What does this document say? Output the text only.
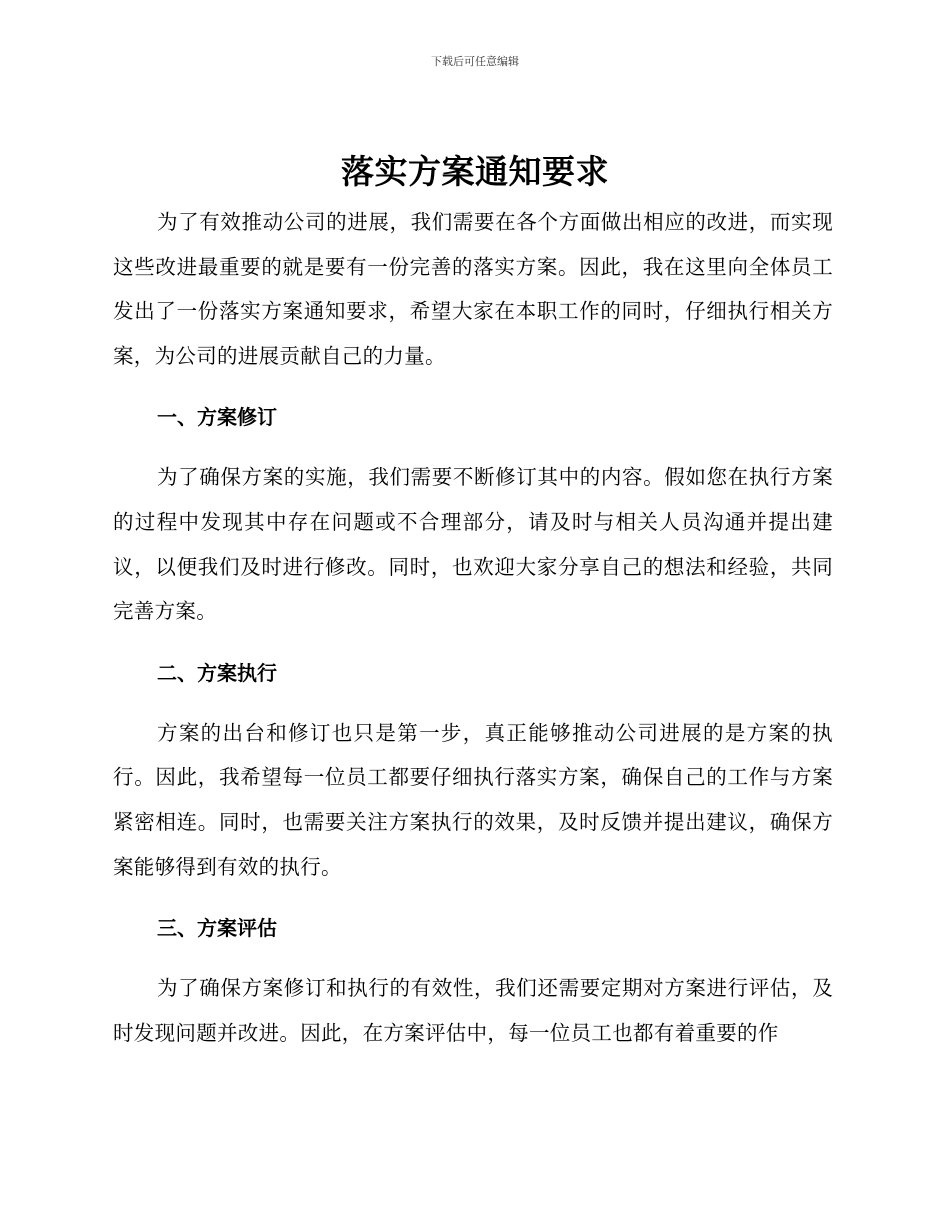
下载后可任意编辑
落实方案通知要求

为了有效推动公司的进展，我们需要在各个方面做出相应的改进，而实现这些改进最重要的就是要有一份完善的落实方案。因此，我在这里向全体员工发出了一份落实方案通知要求，希望大家在本职工作的同时，仔细执行相关方案，为公司的进展贡献自己的力量。

一、方案修订

为了确保方案的实施，我们需要不断修订其中的内容。假如您在执行方案的过程中发现其中存在问题或不合理部分，请及时与相关人员沟通并提出建议，以便我们及时进行修改。同时，也欢迎大家分享自己的想法和经验，共同完善方案。

二、方案执行

方案的出台和修订也只是第一步，真正能够推动公司进展的是方案的执行。因此，我希望每一位员工都要仔细执行落实方案，确保自己的工作与方案紧密相连。同时，也需要关注方案执行的效果，及时反馈并提出建议，确保方案能够得到有效的执行。

三、方案评估

为了确保方案修订和执行的有效性，我们还需要定期对方案进行评估，及时发现问题并改进。因此，在方案评估中，每一位员工也都有着重要的作
